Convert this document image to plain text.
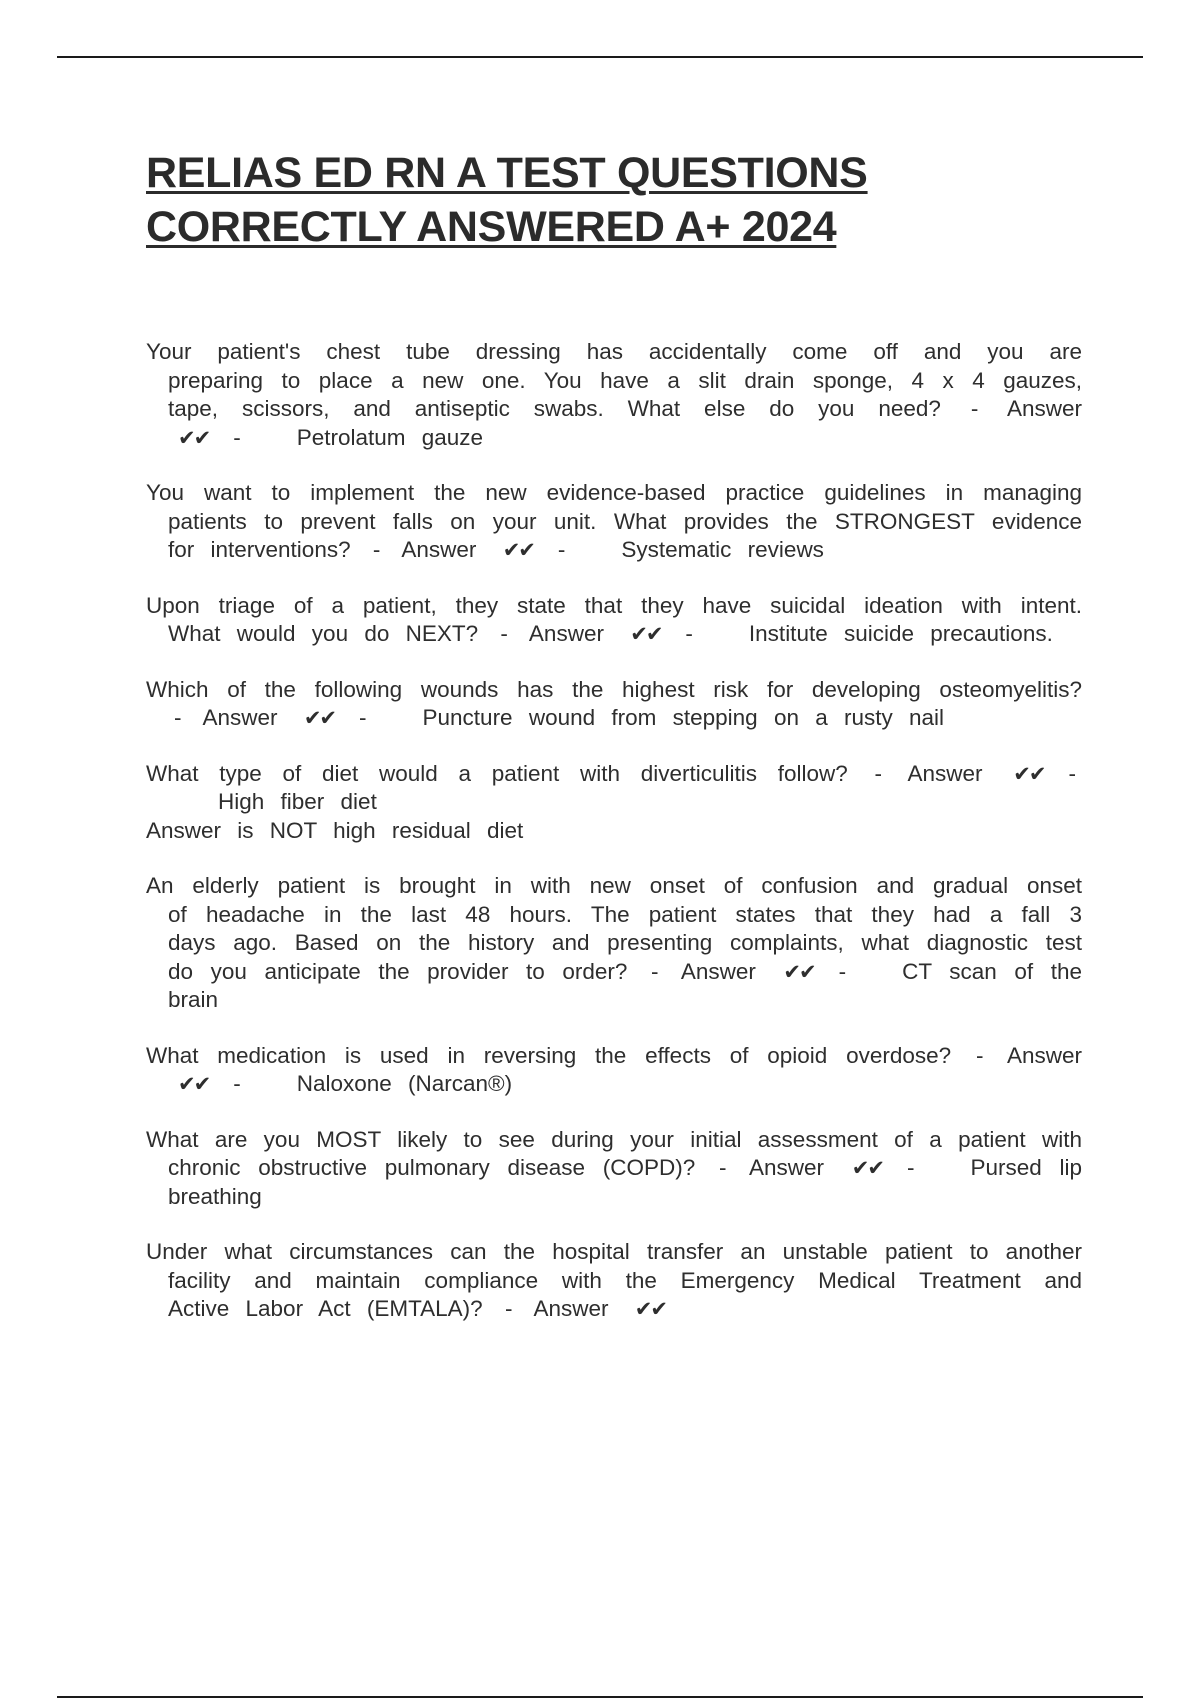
RELIAS ED RN A TEST QUESTIONS
CORRECTLY ANSWERED A+ 2024

Your patient's chest tube dressing has accidentally come off and you are preparing to place a new one. You have a slit drain sponge, 4 x 4 gauzes, tape, scissors, and antiseptic swabs. What else do you need? - Answer ✔✔ - Petrolatum gauze

You want to implement the new evidence-based practice guidelines in managing patients to prevent falls on your unit. What provides the STRONGEST evidence for interventions? - Answer ✔✔ - Systematic reviews

Upon triage of a patient, they state that they have suicidal ideation with intent. What would you do NEXT? - Answer ✔✔ - Institute suicide precautions.

Which of the following wounds has the highest risk for developing osteomyelitis? - Answer ✔✔ - Puncture wound from stepping on a rusty nail

What type of diet would a patient with diverticulitis follow? - Answer ✔✔ -High fiber diet
Answer is NOT high residual diet

An elderly patient is brought in with new onset of confusion and gradual onset of headache in the last 48 hours. The patient states that they had a fall 3 days ago. Based on the history and presenting complaints, what diagnostic test do you anticipate the provider to order? - Answer ✔✔ - CT scan of the brain

What medication is used in reversing the effects of opioid overdose? - Answer ✔✔ - Naloxone (Narcan®)

What are you MOST likely to see during your initial assessment of a patient with chronic obstructive pulmonary disease (COPD)? - Answer ✔✔ - Pursed lip breathing

Under what circumstances can the hospital transfer an unstable patient to another facility and maintain compliance with the Emergency Medical Treatment and Active Labor Act (EMTALA)? - Answer ✔✔
